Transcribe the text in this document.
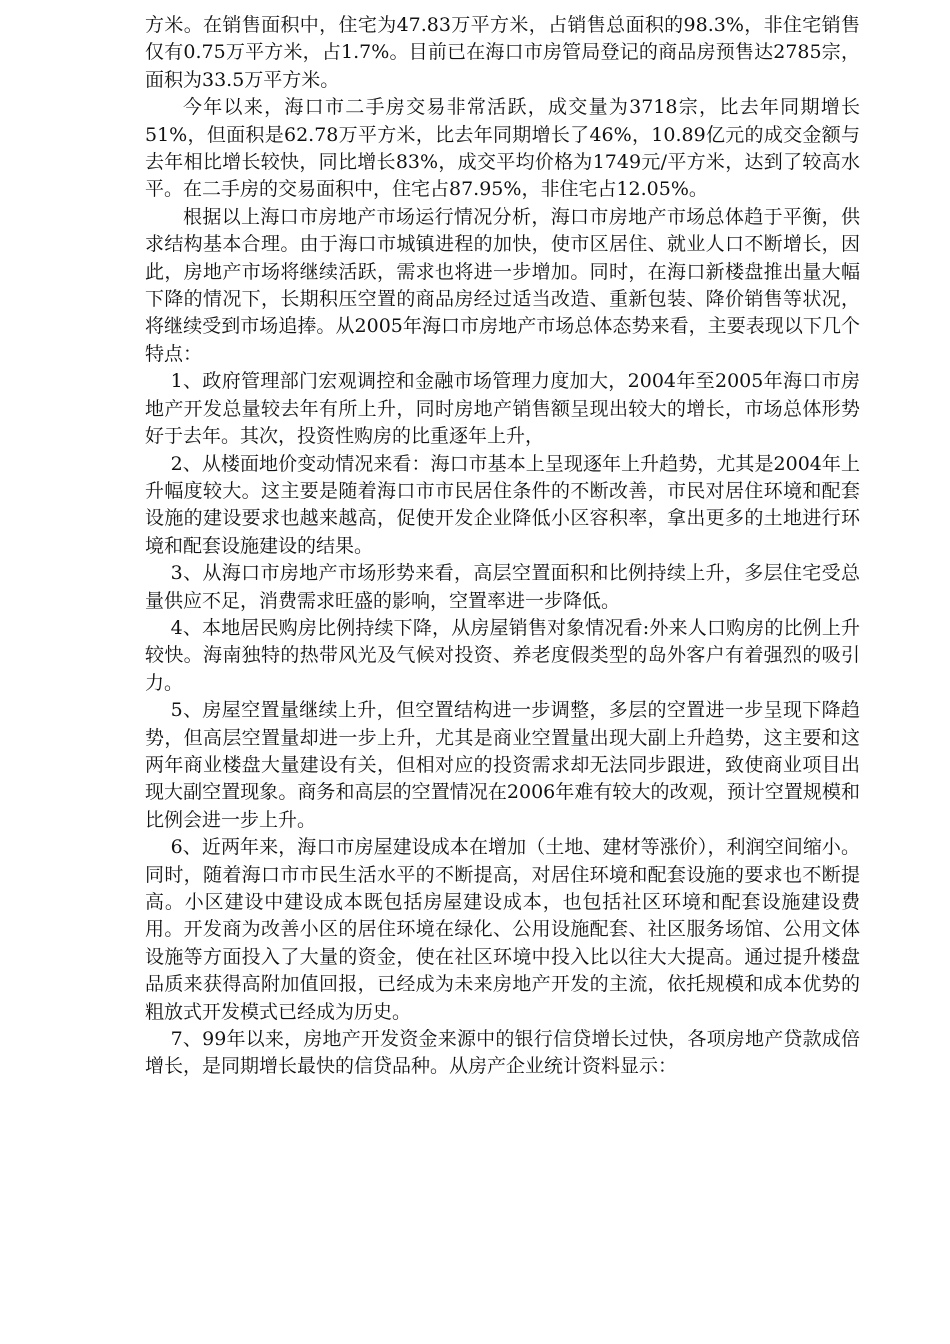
方米。在销售面积中，住宅为47.83万平方米，占销售总面积的98.3%，非住宅销售仅有0.75万平方米，占1.7%。目前已在海口市房管局登记的商品房预售达2785宗，面积为33.5万平方米。

今年以来，海口市二手房交易非常活跃，成交量为3718宗，比去年同期增长51%，但面积是62.78万平方米，比去年同期增长了46%，10.89亿元的成交金额与去年相比增长较快，同比增长83%，成交平均价格为1749元/平方米，达到了较高水平。在二手房的交易面积中，住宅占87.95%，非住宅占12.05%。

根据以上海口市房地产市场运行情况分析，海口市房地产市场总体趋于平衡，供求结构基本合理。由于海口市城镇进程的加快，使市区居住、就业人口不断增长，因此，房地产市场将继续活跃，需求也将进一步增加。同时，在海口新楼盘推出量大幅下降的情况下，长期积压空置的商品房经过适当改造、重新包装、降价销售等状况，将继续受到市场追捧。从2005年海口市房地产市场总体态势来看，主要表现以下几个特点：

1、政府管理部门宏观调控和金融市场管理力度加大，2004年至2005年海口市房地产开发总量较去年有所上升，同时房地产销售额呈现出较大的增长，市场总体形势好于去年。其次，投资性购房的比重逐年上升，

2、从楼面地价变动情况来看：海口市基本上呈现逐年上升趋势，尤其是2004年上升幅度较大。这主要是随着海口市市民居住条件的不断改善，市民对居住环境和配套设施的建设要求也越来越高，促使开发企业降低小区容积率，拿出更多的土地进行环境和配套设施建设的结果。

3、从海口市房地产市场形势来看，高层空置面积和比例持续上升，多层住宅受总量供应不足，消费需求旺盛的影响，空置率进一步降低。

4、本地居民购房比例持续下降，从房屋销售对象情况看:外来人口购房的比例上升较快。海南独特的热带风光及气候对投资、养老度假类型的岛外客户有着强烈的吸引力。

5、房屋空置量继续上升，但空置结构进一步调整，多层的空置进一步呈现下降趋势，但高层空置量却进一步上升，尤其是商业空置量出现大副上升趋势，这主要和这两年商业楼盘大量建设有关，但相对应的投资需求却无法同步跟进，致使商业项目出现大副空置现象。商务和高层的空置情况在2006年难有较大的改观，预计空置规模和比例会进一步上升。

6、近两年来，海口市房屋建设成本在增加（土地、建材等涨价），利润空间缩小。同时，随着海口市市民生活水平的不断提高，对居住环境和配套设施的要求也不断提高。小区建设中建设成本既包括房屋建设成本，也包括社区环境和配套设施建设费用。开发商为改善小区的居住环境在绿化、公用设施配套、社区服务场馆、公用文体设施等方面投入了大量的资金，使在社区环境中投入比以往大大提高。通过提升楼盘品质来获得高附加值回报，已经成为未来房地产开发的主流，依托规模和成本优势的粗放式开发模式已经成为历史。

7、99年以来，房地产开发资金来源中的银行信贷增长过快，各项房地产贷款成倍增长，是同期增长最快的信贷品种。从房产企业统计资料显示：
